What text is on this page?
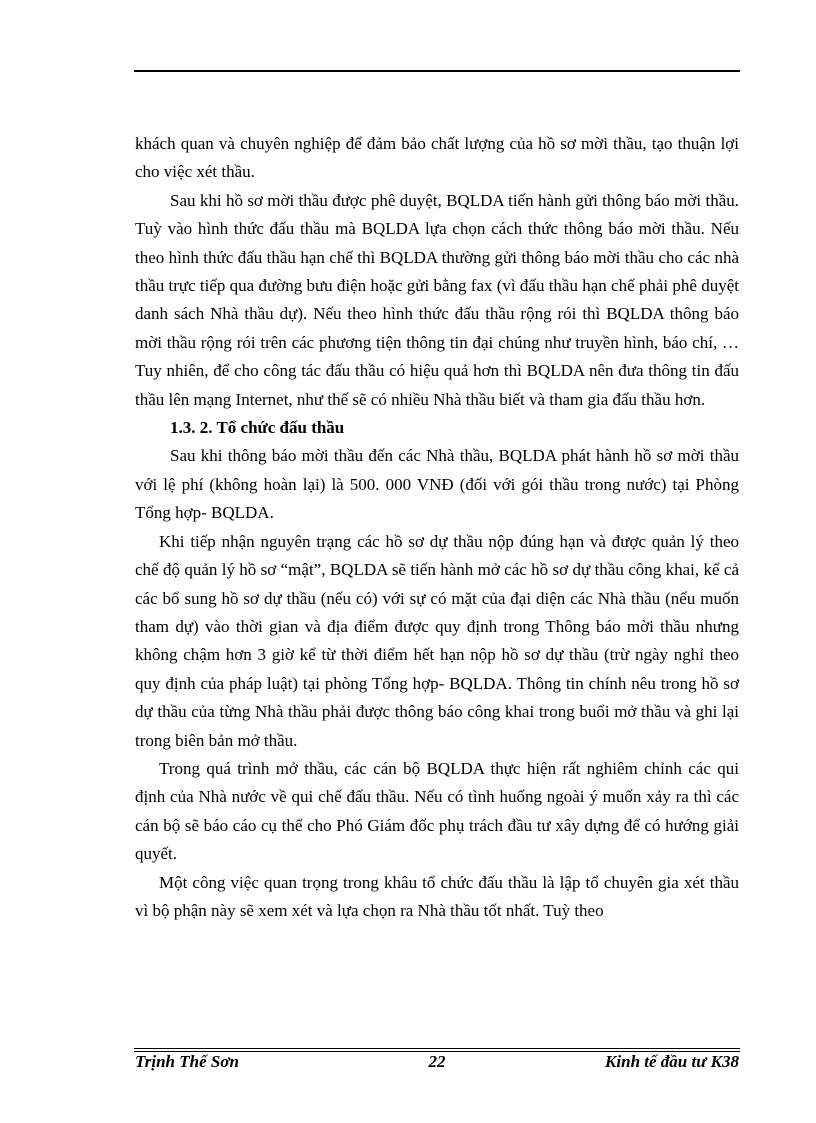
khách quan và chuyên nghiệp để đảm bảo chất lượng của hồ sơ mời thầu, tạo thuận lợi cho việc xét thầu.

Sau khi hồ sơ mời thầu được phê duyệt, BQLDA tiến hành gửi thông báo mời thầu. Tuỳ vào hình thức đấu thầu mà BQLDA lựa chọn cách thức thông báo mời thầu. Nếu theo hình thức đấu thầu hạn chế thì BQLDA thường gửi thông báo mời thầu cho các nhà thầu trực tiếp qua đường bưu điện hoặc gửi bằng fax (vì đấu thầu hạn chế phải phê duyệt danh sách Nhà thầu dự). Nếu theo hình thức đấu thầu rộng rói thì BQLDA thông báo mời thầu rộng rói trên các phương tiện thông tin đại chúng như truyền hình, báo chí, … Tuy nhiên, để cho công tác đấu thầu có hiệu quả hơn thì BQLDA nên đưa thông tin đấu thầu lên mạng Internet, như thế sẽ có nhiều Nhà thầu biết và tham gia đấu thầu hơn.

1.3. 2. Tổ chức đấu thầu

Sau khi thông báo mời thầu đến các Nhà thầu, BQLDA phát hành hồ sơ mời thầu với lệ phí (không hoàn lại) là 500. 000 VNĐ (đối với gói thầu trong nước) tại Phòng Tổng hợp- BQLDA.

Khi tiếp nhận nguyên trạng các hồ sơ dự thầu nộp đúng hạn và được quản lý theo chế độ quản lý hồ sơ “mật”, BQLDA sẽ tiến hành mở các hồ sơ dự thầu công khai, kể cả các bổ sung hồ sơ dự thầu (nếu có) với sự có mặt của đại diện các Nhà thầu (nếu muốn tham dự) vào thời gian và địa điểm được quy định trong Thông báo mời thầu nhưng không chậm hơn 3 giờ kể từ thời điểm hết hạn nộp hồ sơ dự thầu (trừ ngày nghỉ theo quy định của pháp luật) tại phòng Tổng hợp- BQLDA. Thông tin chính nêu trong hồ sơ dự thầu của từng Nhà thầu phải được thông báo công khai trong buổi mở thầu và ghi lại trong biên bản mở thầu.

Trong quá trình mở thầu, các cán bộ BQLDA thực hiện rất nghiêm chỉnh các qui định của Nhà nước về qui chế đấu thầu. Nếu có tình huống ngoài ý muốn xảy ra thì các cán bộ sẽ báo cáo cụ thể cho Phó Giám đốc phụ trách đầu tư xây dựng để có hướng giải quyết.

Một công việc quan trọng trong khâu tổ chức đấu thầu là lập tổ chuyên gia xét thầu vì bộ phận này sẽ xem xét và lựa chọn ra Nhà thầu tốt nhất. Tuỳ theo

Trịnh Thế Sơn	22	Kinh tế đầu tư K38
